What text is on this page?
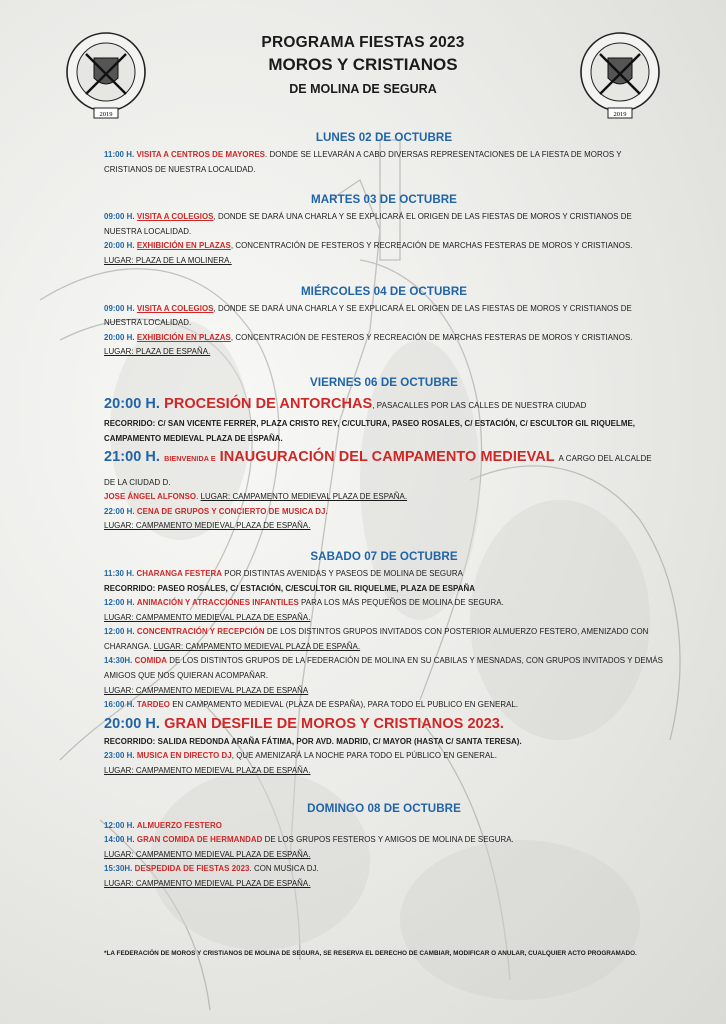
2019	2019
PROGRAMA FIESTAS 2023
MOROS Y CRISTIANOS
DE MOLINA DE SEGURA
LUNES 02 DE OCTUBRE

11:00 H. VISITA A CENTROS DE MAYORES. DONDE SE LLEVARÁN A CABO DIVERSAS REPRESENTACIONES DE LA FIESTA DE MOROS Y CRISTIANOS DE NUESTRA LOCALIDAD.

MARTES 03 DE OCTUBRE

09:00 H. VISITA A COLEGIOS, DONDE SE DARÁ UNA CHARLA Y SE EXPLICARÁ EL ORIGEN DE LAS FIESTAS DE MOROS Y CRISTIANOS DE NUESTRA LOCALIDAD.

20:00 H. EXHIBICIÓN EN PLAZAS, CONCENTRACIÓN DE FESTEROS Y RECREACIÓN DE MARCHAS FESTERAS DE MOROS Y CRISTIANOS. LUGAR: PLAZA DE LA MOLINERA.

MIÉRCOLES 04 DE OCTUBRE

09:00 H. VISITA A COLEGIOS, DONDE SE DARÁ UNA CHARLA Y SE EXPLICARÁ EL ORIGEN DE LAS FIESTAS DE MOROS Y CRISTIANOS DE NUESTRA LOCALIDAD.

20:00 H. EXHIBICIÓN EN PLAZAS, CONCENTRACIÓN DE FESTEROS Y RECREACIÓN DE MARCHAS FESTERAS DE MOROS Y CRISTIANOS. LUGAR: PLAZA DE ESPAÑA.

VIERNES 06 DE OCTUBRE

20:00 H. PROCESIÓN DE ANTORCHAS, PASACALLES POR LAS CALLES DE NUESTRA CIUDAD

RECORRIDO: C/ SAN VICENTE FERRER, PLAZA CRISTO REY, C/CULTURA, PASEO ROSALES, C/ ESTACIÓN, C/ ESCULTOR GIL RIQUELME, CAMPAMENTO MEDIEVAL PLAZA DE ESPAÑA.

21:00 H. BIENVENIDA E INAUGURACIÓN DEL CAMPAMENTO MEDIEVAL A CARGO DEL ALCALDE DE LA CIUDAD D.

JOSE ÁNGEL ALFONSO. LUGAR: CAMPAMENTO MEDIEVAL PLAZA DE ESPAÑA.

22:00 H. CENA DE GRUPOS Y CONCIERTO DE MUSICA DJ.

LUGAR: CAMPAMENTO MEDIEVAL PLAZA DE ESPAÑA.

SABADO 07 DE OCTUBRE

11:30 H. CHARANGA FESTERA POR DISTINTAS AVENIDAS Y PASEOS DE MOLINA DE SEGURA

RECORRIDO: PASEO ROSALES, C/ ESTACIÓN, C/ESCULTOR GIL RIQUELME, PLAZA DE ESPAÑA

12:00 H. ANIMACIÓN Y ATRACCIONES INFANTILES PARA LOS MÁS PEQUEÑOS DE MOLINA DE SEGURA.

LUGAR: CAMPAMENTO MEDIEVAL PLAZA DE ESPAÑA.

12:00 H. CONCENTRACIÓN Y RECEPCIÓN DE LOS DISTINTOS GRUPOS INVITADOS CON POSTERIOR ALMUERZO FESTERO, AMENIZADO CON CHARANGA. LUGAR: CAMPAMENTO MEDIEVAL PLAZA DE ESPAÑA.

14:30H. COMIDA DE LOS DISTINTOS GRUPOS DE LA FEDERACIÓN DE MOLINA EN SU CABILAS Y MESNADAS, CON GRUPOS INVITADOS Y DEMÁS AMIGOS QUE NOS QUIERAN ACOMPAÑAR.

LUGAR: CAMPAMENTO MEDIEVAL PLAZA DE ESPAÑA

16:00 H. TARDEO EN CAMPAMENTO MEDIEVAL (PLAZA DE ESPAÑA), PARA TODO EL PUBLICO EN GENERAL.

20:00 H. GRAN DESFILE DE MOROS Y CRISTIANOS 2023.

RECORRIDO: SALIDA REDONDA ARAÑA FÁTIMA, POR AVD. MADRID, C/ MAYOR (HASTA C/ SANTA TERESA).

23:00 H. MUSICA EN DIRECTO DJ, QUE AMENIZARÁ LA NOCHE PARA TODO EL PÚBLICO EN GENERAL.

LUGAR: CAMPAMENTO MEDIEVAL PLAZA DE ESPAÑA.

DOMINGO 08 DE OCTUBRE

12:00 H. ALMUERZO FESTERO

14:00 H. GRAN COMIDA DE HERMANDAD DE LOS GRUPOS FESTEROS Y AMIGOS DE MOLINA DE SEGURA.

LUGAR: CAMPAMENTO MEDIEVAL PLAZA DE ESPAÑA.

15:30H. DESPEDIDA DE FIESTAS 2023. CON MUSICA DJ.

LUGAR: CAMPAMENTO MEDIEVAL PLAZA DE ESPAÑA.

*LA FEDERACIÓN DE MOROS Y CRISTIANOS DE MOLINA DE SEGURA, SE RESERVA EL DERECHO DE CAMBIAR, MODIFICAR O ANULAR, CUALQUIER ACTO PROGRAMADO.
